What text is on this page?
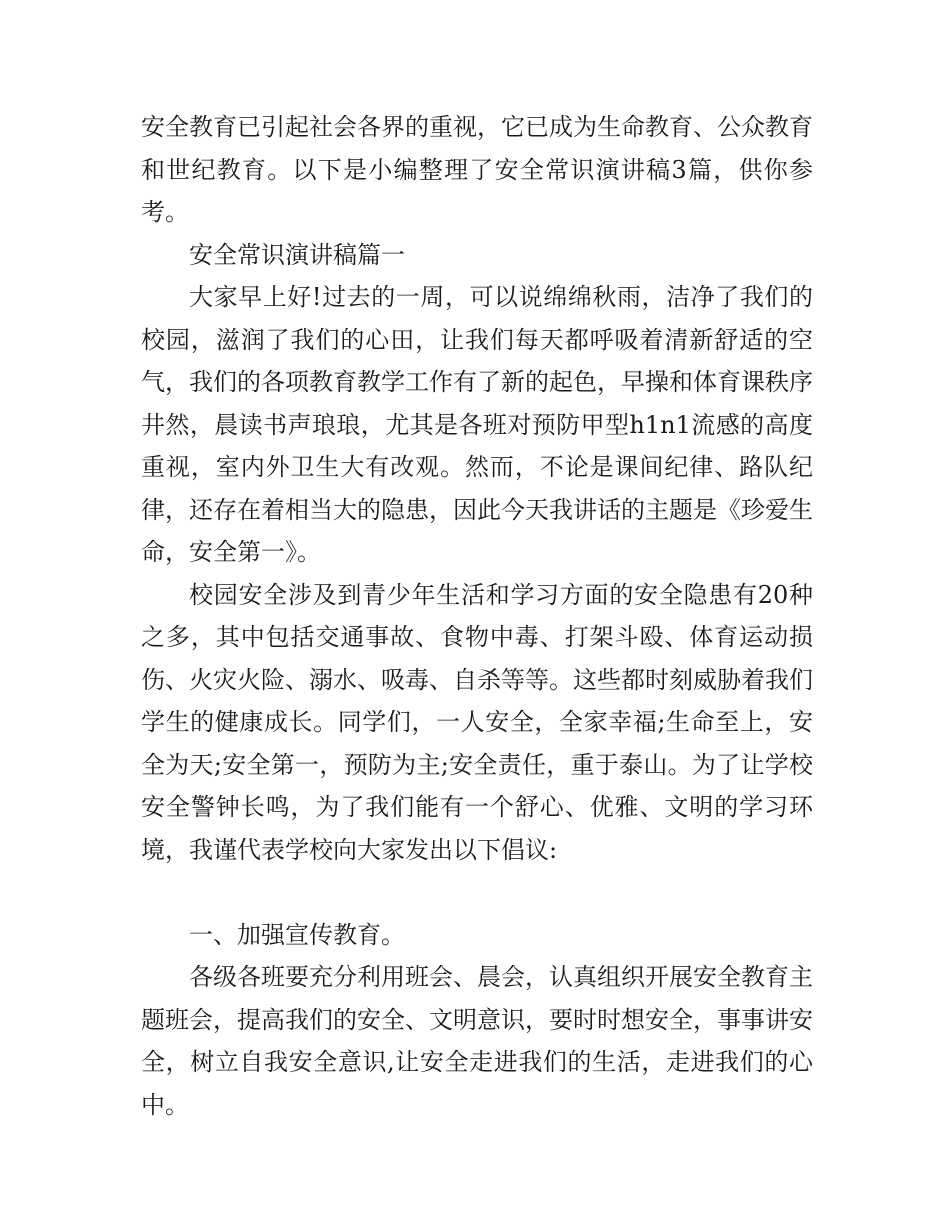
安全教育已引起社会各界的重视，它已成为生命教育、公众教育和世纪教育。以下是小编整理了安全常识演讲稿3篇，供你参考。

安全常识演讲稿篇一

大家早上好!过去的一周，可以说绵绵秋雨，洁净了我们的校园，滋润了我们的心田，让我们每天都呼吸着清新舒适的空气，我们的各项教育教学工作有了新的起色，早操和体育课秩序井然，晨读书声琅琅，尤其是各班对预防甲型h1n1流感的高度重视，室内外卫生大有改观。然而，不论是课间纪律、路队纪律，还存在着相当大的隐患，因此今天我讲话的主题是《珍爱生命，安全第一》。

校园安全涉及到青少年生活和学习方面的安全隐患有20种之多，其中包括交通事故、食物中毒、打架斗殴、体育运动损伤、火灾火险、溺水、吸毒、自杀等等。这些都时刻威胁着我们学生的健康成长。同学们，一人安全，全家幸福;生命至上，安全为天;安全第一，预防为主;安全责任，重于泰山。为了让学校安全警钟长鸣，为了我们能有一个舒心、优雅、文明的学习环境，我谨代表学校向大家发出以下倡议:

一、加强宣传教育。

各级各班要充分利用班会、晨会，认真组织开展安全教育主题班会，提高我们的安全、文明意识，要时时想安全，事事讲安全，树立自我安全意识,让安全走进我们的生活，走进我们的心中。
